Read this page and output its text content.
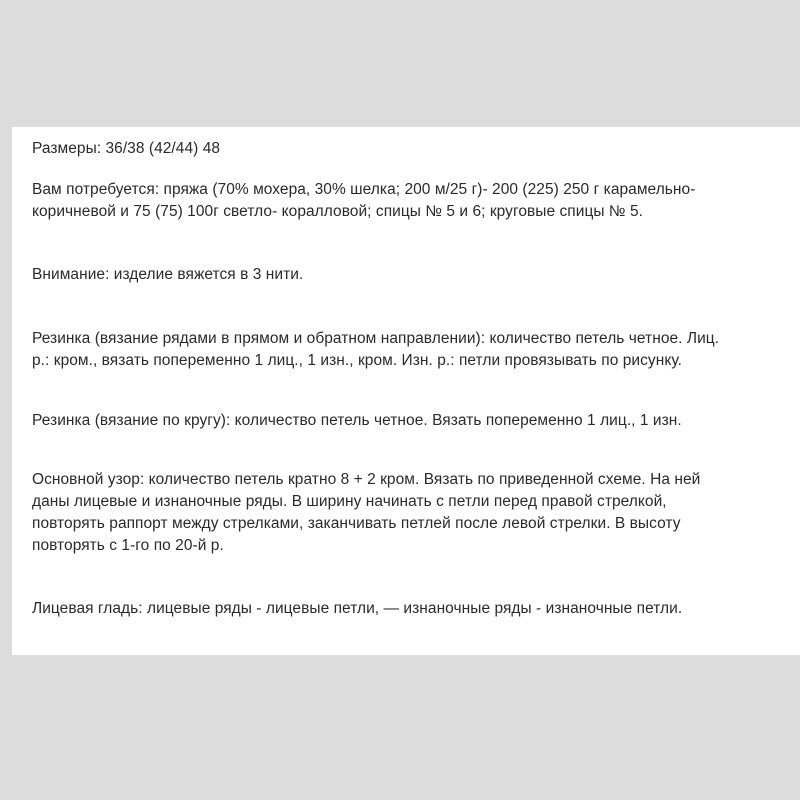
Размеры: 36/38 (42/44) 48

Вам потребуется: пряжа (70% мохера, 30% шелка; 200 м/25 г)- 200 (225) 250 г карамельно-
коричневой и 75 (75) 100г светло- коралловой; спицы № 5 и 6; круговые спицы № 5.

Внимание: изделие вяжется в 3 нити.

Резинка (вязание рядами в прямом и обратном направлении): количество петель четное. Лиц.
р.: кром., вязать попеременно 1 лиц., 1 изн., кром. Изн. р.: петли провязывать по рисунку.

Резинка (вязание по кругу): количество петель четное. Вязать попеременно 1 лиц., 1 изн.

Основной узор: количество петель кратно 8 + 2 кром. Вязать по приведенной схеме. На ней
даны лицевые и изнаночные ряды. В ширину начинать с петли перед правой стрелкой,
повторять раппорт между стрелками, заканчивать петлей после левой стрелки. В высоту
повторять с 1-го по 20-й р.

Лицевая гладь: лицевые ряды - лицевые петли, — изнаночные ряды - изнаночные петли.
